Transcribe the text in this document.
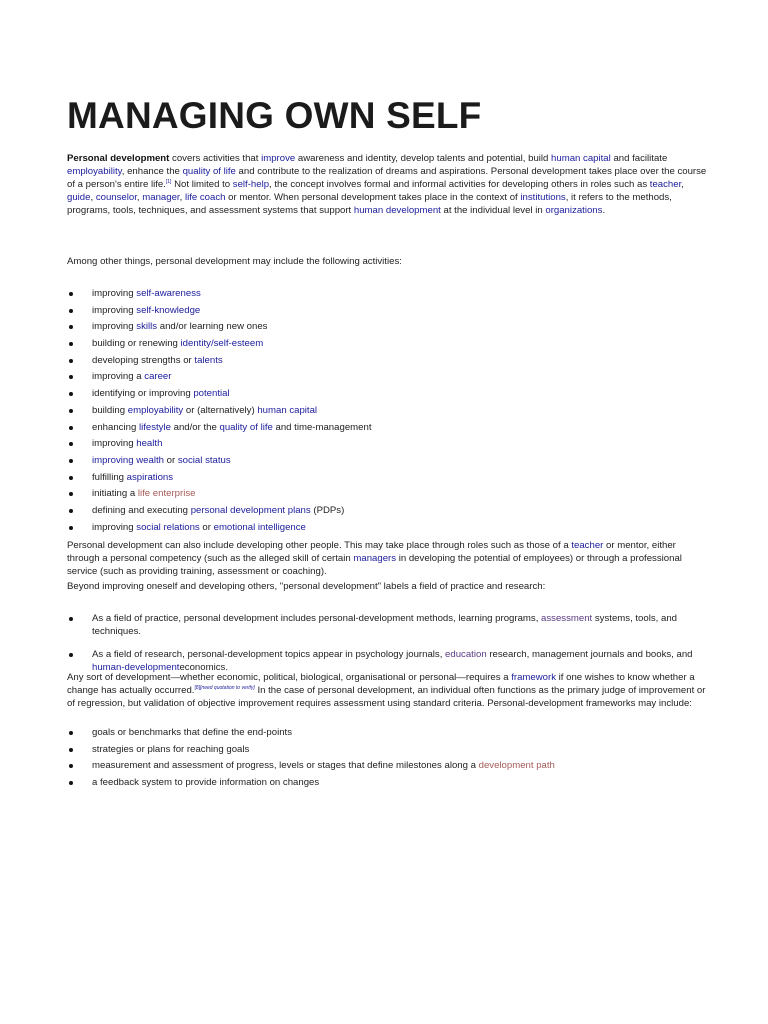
MANAGING OWN SELF

Personal development covers activities that improve awareness and identity, develop talents and potential, build human capital and facilitate employability, enhance the quality of life and contribute to the realization of dreams and aspirations. Personal development takes place over the course of a person's entire life.[1] Not limited to self-help, the concept involves formal and informal activities for developing others in roles such as teacher, guide, counselor, manager, life coach or mentor. When personal development takes place in the context of institutions, it refers to the methods, programs, tools, techniques, and assessment systems that support human development at the individual level in organizations.

Among other things, personal development may include the following activities:

improving self-awareness
improving self-knowledge
improving skills and/or learning new ones
building or renewing identity/self-esteem
developing strengths or talents
improving a career
identifying or improving potential
building employability or (alternatively) human capital
enhancing lifestyle and/or the quality of life and time-management
improving health
improving wealth or social status
fulfilling aspirations
initiating a life enterprise
defining and executing personal development plans (PDPs)
improving social relations or emotional intelligence

Personal development can also include developing other people. This may take place through roles such as those of a teacher or mentor, either through a personal competency (such as the alleged skill of certain managers in developing the potential of employees) or through a professional service (such as providing training, assessment or coaching).

Beyond improving oneself and developing others, "personal development" labels a field of practice and research:

As a field of practice, personal development includes personal-development methods, learning programs, assessment systems, tools, and techniques.
As a field of research, personal-development topics appear in psychology journals, education research, management journals and books, and human-developmenteconomics.

Any sort of development—whether economic, political, biological, organisational or personal—requires a framework if one wishes to know whether a change has actually occurred.[8][need quotation to verify] In the case of personal development, an individual often functions as the primary judge of improvement or of regression, but validation of objective improvement requires assessment using standard criteria. Personal-development frameworks may include:

goals or benchmarks that define the end-points
strategies or plans for reaching goals
measurement and assessment of progress, levels or stages that define milestones along a development path
a feedback system to provide information on changes
